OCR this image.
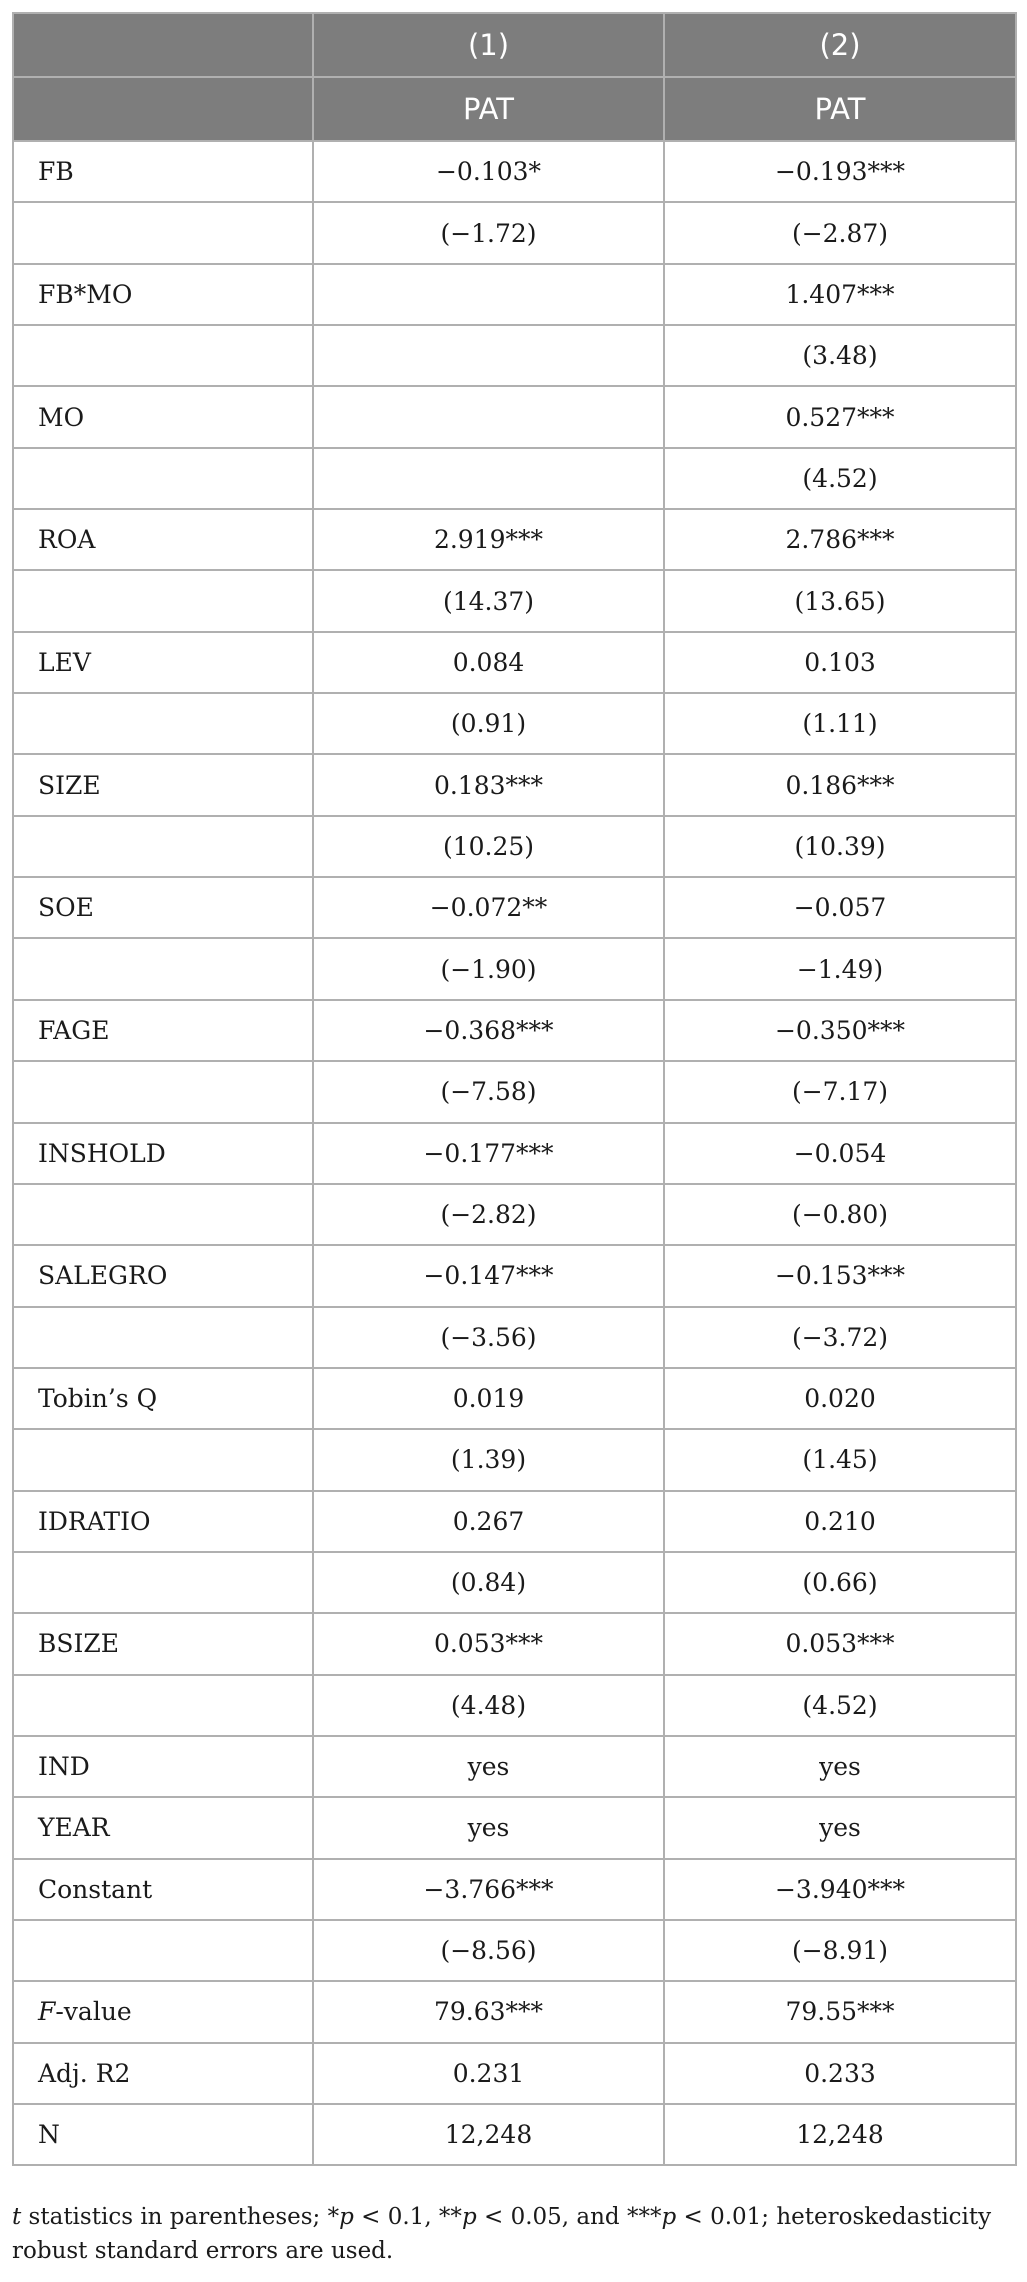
	(1)	(2)
	PAT	PAT
FB	−0.103*	−0.193***
	(−1.72)	(−2.87)
FB*MO		1.407***
		(3.48)
MO		0.527***
		(4.52)
ROA	2.919***	2.786***
	(14.37)	(13.65)
LEV	0.084	0.103
	(0.91)	(1.11)
SIZE	0.183***	0.186***
	(10.25)	(10.39)
SOE	−0.072**	−0.057
	(−1.90)	−1.49)
FAGE	−0.368***	−0.350***
	(−7.58)	(−7.17)
INSHOLD	−0.177***	−0.054
	(−2.82)	(−0.80)
SALEGRO	−0.147***	−0.153***
	(−3.56)	(−3.72)
Tobin’s Q	0.019	0.020
	(1.39)	(1.45)
IDRATIO	0.267	0.210
	(0.84)	(0.66)
BSIZE	0.053***	0.053***
	(4.48)	(4.52)
IND	yes	yes
YEAR	yes	yes
Constant	−3.766***	−3.940***
	(−8.56)	(−8.91)
F-value	79.63***	79.55***
Adj. R2	0.231	0.233
N	12,248	12,248
t statistics in parentheses; *p < 0.1, **p < 0.05, and ***p < 0.01; heteroskedasticity robust standard errors are used.
